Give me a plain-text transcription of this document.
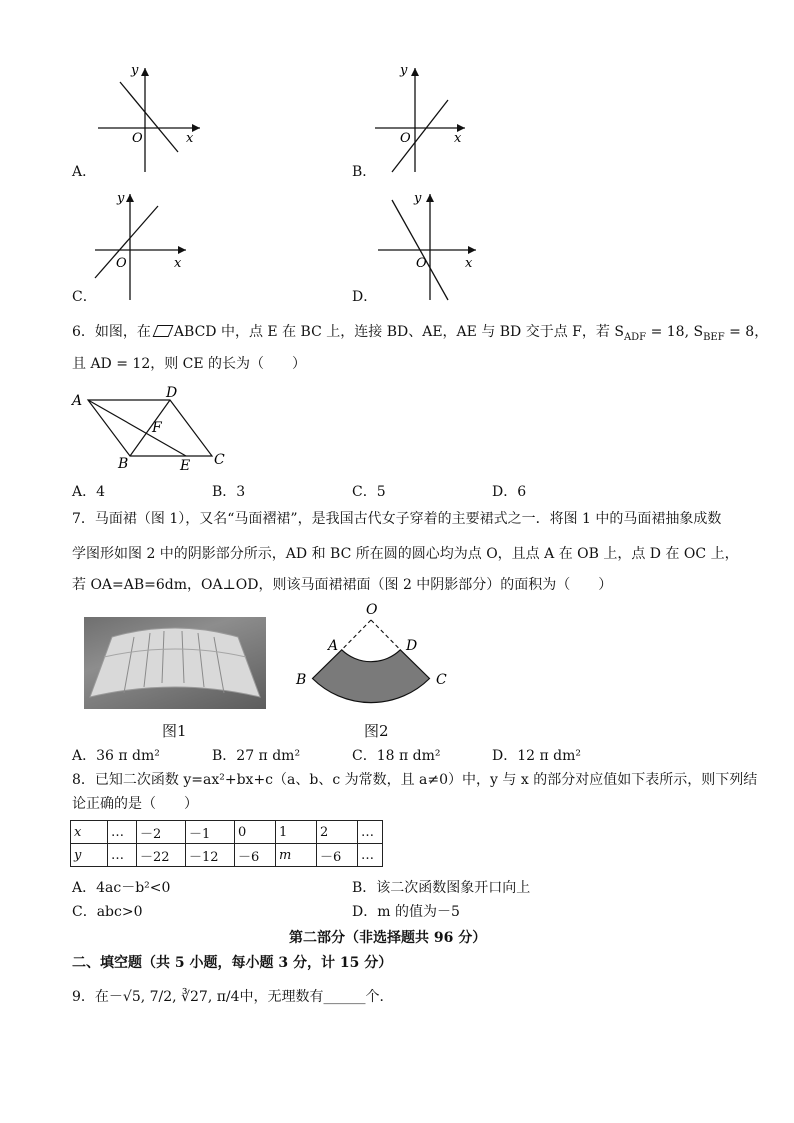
y
x
O
A．
y
x
O
B．
y
x
O
C．
y
x
O
D．
6．如图，在 ABCD 中，点 E 在 BC 上，连接 BD、AE，AE 与 BD 交于点 F，若 $S_{ADF} = 18$, $S_{BEF} = 8$，
且 AD = 12，则 CE 的长为（　　）
A	D
C
B	E
F
A．4	B．3	C．5	D．6
7．马面裙（图 1），又名“马面褶裙”，是我国古代女子穿着的主要裙式之一．将图 1 中的马面裙抽象成数
学图形如图 2 中的阴影部分所示，AD 和 BC 所在圆的圆心均为点 O，且点 A 在 OB 上，点 D 在 OC 上，
若 OA=AB=6dm，OA⊥OD，则该马面裙裙面（图 2 中阴影部分）的面积为（　　）
图1
O
A	D
B	C
图2
A．36 π dm²	B．27 π dm²	C．18 π dm²	D．12 π dm²
8．已知二次函数 y=ax²+bx+c（a、b、c 为常数，且 a≠0）中，y 与 x 的部分对应值如下表所示，则下列结
论正确的是（　　）
x	…	－2	－1	0	1	2	…
y	…	－22	－12	－6	m	－6	…
A．4ac－b²<0	B．该二次函数图象开口向上
C．abc>0	D．m 的值为－5
第二部分（非选择题共 96 分）
二、填空题（共 5 小题，每小题 3 分，计 15 分）
9．在－√5, 7/2, ∛27, π/4中，无理数有______个．
